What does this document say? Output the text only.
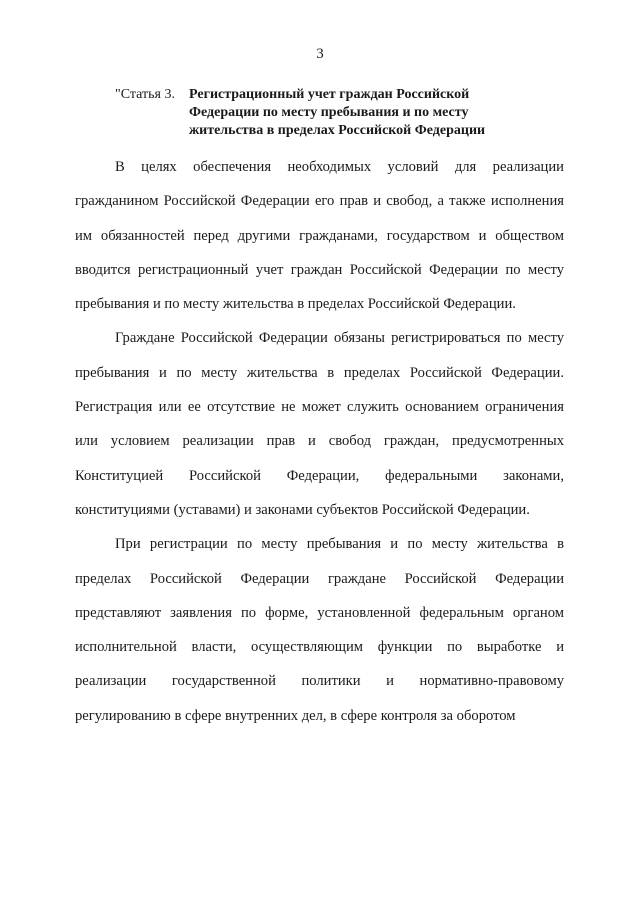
3
"Статья 3. Регистрационный учет граждан Российской
Федерации по месту пребывания и по месту
жительства в пределах Российской Федерации

В целях обеспечения необходимых условий для реализации гражданином Российской Федерации его прав и свобод, а также исполнения им обязанностей перед другими гражданами, государством и обществом вводится регистрационный учет граждан Российской Федерации по месту пребывания и по месту жительства в пределах Российской Федерации.

Граждане Российской Федерации обязаны регистрироваться по месту пребывания и по месту жительства в пределах Российской Федерации. Регистрация или ее отсутствие не может служить основанием ограничения или условием реализации прав и свобод граждан, предусмотренных Конституцией Российской Федерации, федеральными законами, конституциями (уставами) и законами субъектов Российской Федерации.

При регистрации по месту пребывания и по месту жительства в пределах Российской Федерации граждане Российской Федерации представляют заявления по форме, установленной федеральным органом исполнительной власти, осуществляющим функции по выработке и реализации государственной политики и нормативно-правовому регулированию в сфере внутренних дел, в сфере контроля за оборотом
